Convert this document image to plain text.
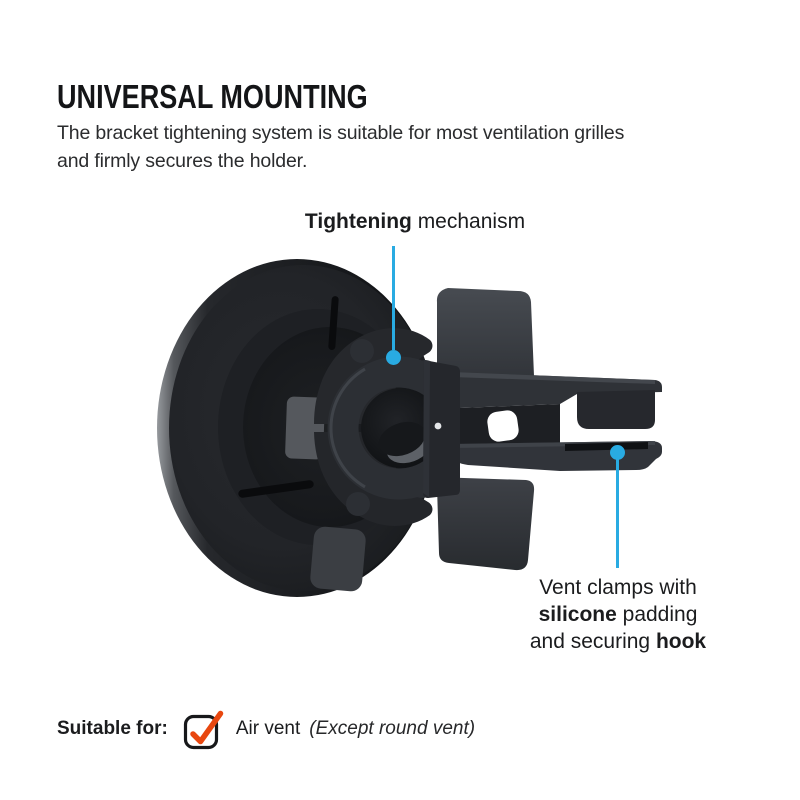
UNIVERSAL MOUNTING

The bracket tightening system is suitable for most ventilation grilles
and firmly secures the holder.

Tightening mechanism
Vent clamps with
silicone padding
and securing hook
Suitable for:	Air vent (Except round vent)
